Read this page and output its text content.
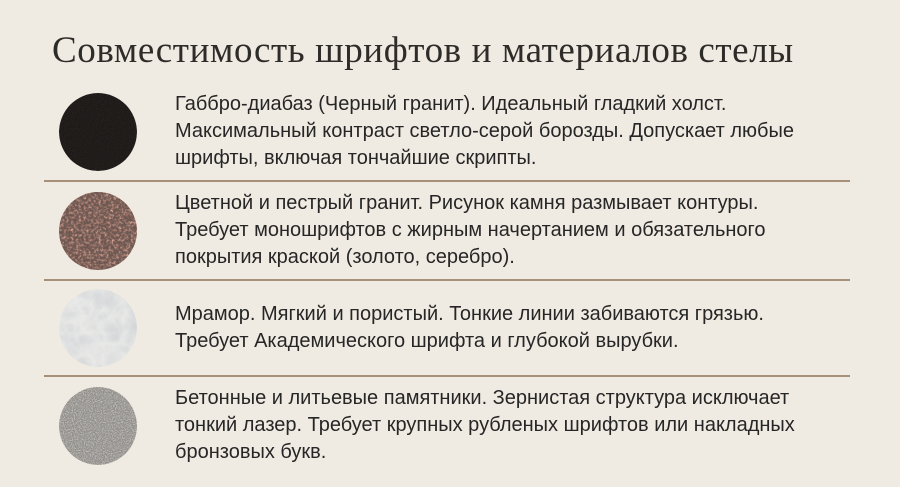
Совместимость шрифтов и материалов стелы
Габбро-диабаз (Черный гранит). Идеальный гладкий холст.
Максимальный контраст светло-серой борозды. Допускает любые
шрифты, включая тончайшие скрипты.
Цветной и пестрый гранит. Рисунок камня размывает контуры.
Требует моношрифтов с жирным начертанием и обязательного
покрытия краской (золото, серебро).
Мрамор. Мягкий и пористый. Тонкие линии забиваются грязью.
Требует Академического шрифта и глубокой вырубки.
Бетонные и литьевые памятники. Зернистая структура исключает
тонкий лазер. Требует крупных рубленых шрифтов или накладных
бронзовых букв.
